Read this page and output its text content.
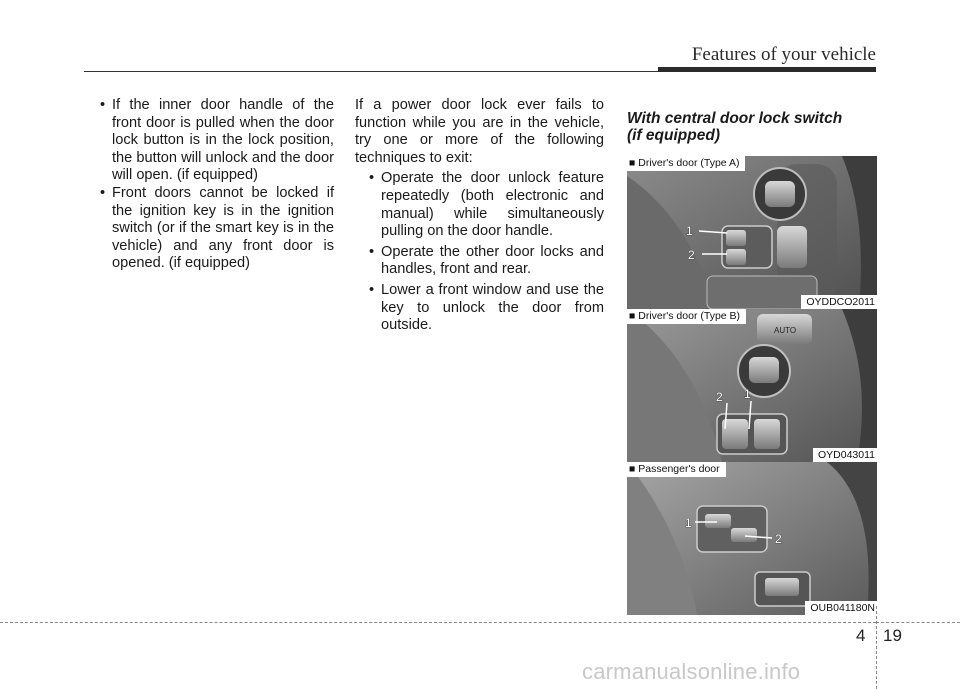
Features of your vehicle
• If the inner door handle of the front door is pulled when the door lock button is in the lock position, the button will unlock and the door will open. (if equipped)
• Front doors cannot be locked if the ignition key is in the ignition switch (or if the smart key is in the vehicle) and any front door is opened. (if equipped)

If a power door lock ever fails to function while you are in the vehicle, try one or more of the following techniques to exit:

• Operate the door unlock feature repeatedly (both electronic and manual) while simultaneously pulling on the door handle.
• Operate the other door locks and handles, front and rear.
• Lower a front window and use the key to unlock the door from outside.
With central door lock switch
(if equipped)
1
2
■ Driver's door (Type A)
OYDDCO2011
AUTO
2 1
■ Driver's door (Type B)
OYD043011
1
2
■ Passenger's door
OUB041180N
4 19
carmanualsonline.info
